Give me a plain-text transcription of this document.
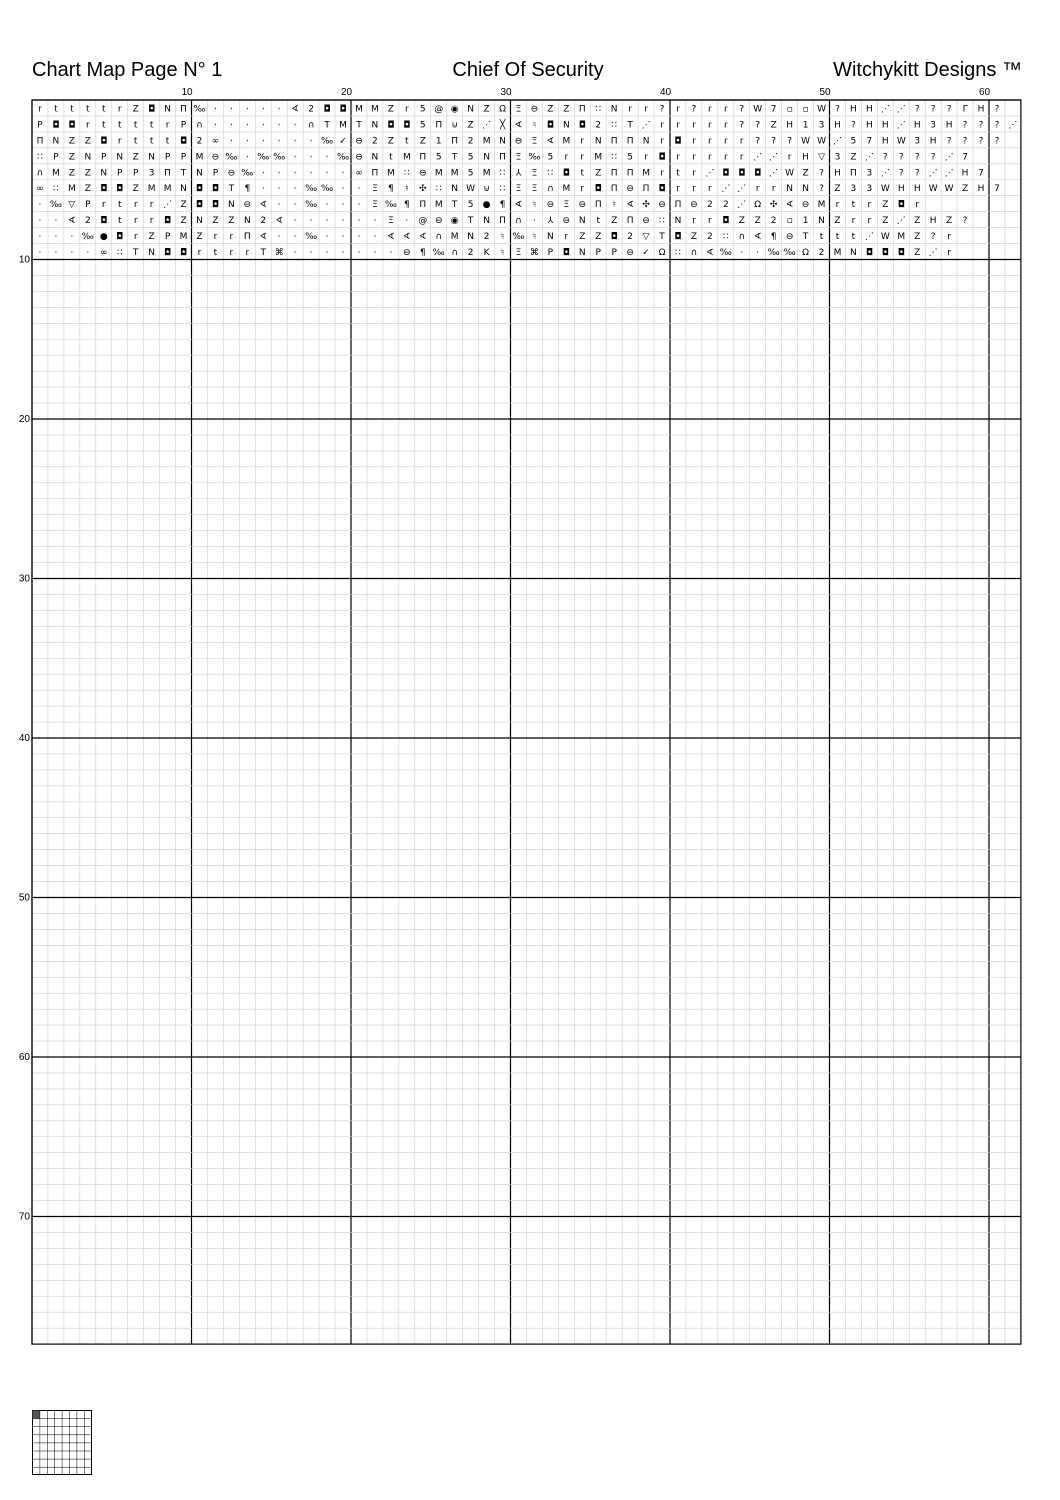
Chart Map Page N° 1	Chief Of Security	Witchykitt Designs ™
10	20	30	40	50	60
10
20
30
40
50
60
70
r t t t t r Z ◘ N Π ‰ · · · · · ∢ 2 ◘ ◘ M M Z r 5 @ ◉ N Z Ω Ξ ⊖ Z Z Π ∷ N r r ? r ? r r ? W 7 ▫ ▫ W ? H H ⋰ ⋰ ? ? ? Γ H ?
P ◘ ◘ r t t t t r P ∩ · · · · · · ∩ T M T N ◘ ◘ 5 Π ⊍ Z ⋰ ╳ ∢ ♮ ◘ N ◘ 2 ∷ T ⋰ r r r r r ? ? Z H 1 3 H ? H H ⋰ H 3 H ? ? ? ⋰
Π N Z Z ◘ r t t t ◘ 2 ∞ · · · · · · ‰ ✓ ⊖ 2 Z t Z 1 Π 2 M N ⊖ Ξ ∢ M r N Π Π N r ◘ r r r r ? ? ? W W ⋰ 5 7 H W 3 H ? ? ? ?
∷ P Z N P N Z N P P M ⊖ ‰ · ‰ ‰ · · · ‰ ⊖ N t M Π 5 T 5 N Π Ξ ‰ 5 r r M ∷ 5 r ◘ r r r r r ⋰ ⋰ r H ▽ 3 Z ⋰ ? ? ? ? ⋰ 7
∩ M Z Z N P P 3 Π T N P ⊖ ‰ · · · · · · ∞ Π M ∷ ⊖ M M 5 M ∷ ⅄ Ξ ∷ ◘ t Z Π Π M r t r ⋰ ◘ ◘ ◘ ⋰ W Z ? H Π 3 ⋰ ? ? ⋰ ⋰ H 7
∞ ∷ M Z ◘ ◘ Z M M N ◘ ◘ T ¶ · · · ‰ ‰ · · Ξ ¶ ♮ ✣ ∷ N W ⊍ ∷ Ξ Ξ ∩ M r ◘ Π ⊖ Π ◘ r r r ⋰ ⋰ r r N N ? Z 3 3 W H H W W Z H 7
· ‰ ▽ P r t r r ⋰ Z ◘ ◘ N ⊖ ∢ · · ‰ · · · Ξ ‰ ¶ Π M T 5 ● ¶ ∢ ♮ ⊖ Ξ ⊖ Π ♮ ∢ ✣ ⊖ Π ⊖ 2 2 ⋰ Ω ✣ ∢ ⊖ M r t r Z ◘ r
· · ∢ 2 ◘ t r r ◘ Z N Z Z N 2 ∢ · · · · · · Ξ · @ ⊖ ◉ T N Π ∩ · ⅄ ⊖ N t Z Π ⊖ ∷ N r r ◘ Z Z 2 ▫ 1 N Z r r Z ⋰ Z H Z ?
· · · ‰ ● ◘ r Z P M Z r r Π ∢ · · ‰ · · · · ∢ ∢ ∢ ∩ M N 2 ♮ ‰ ♮ N r Z Z ◘ 2 ▽ T ◘ Z 2 ∷ ∩ ∢ ¶ ⊖ T t t t ⋰ W M Z ? r
· · · · ∞ ∷ T N ◘ ◘ r t r r T ⌘ · · · · · · · ⊖ ¶ ‰ ∩ 2 K ♮ Ξ ⌘ P ◘ N P P ⊖ ✓ Ω ∷ ∩ ∢ ‰ · · ‰ ‰ Ω 2 M N ◘ ◘ ◘ Z ⋰ r
